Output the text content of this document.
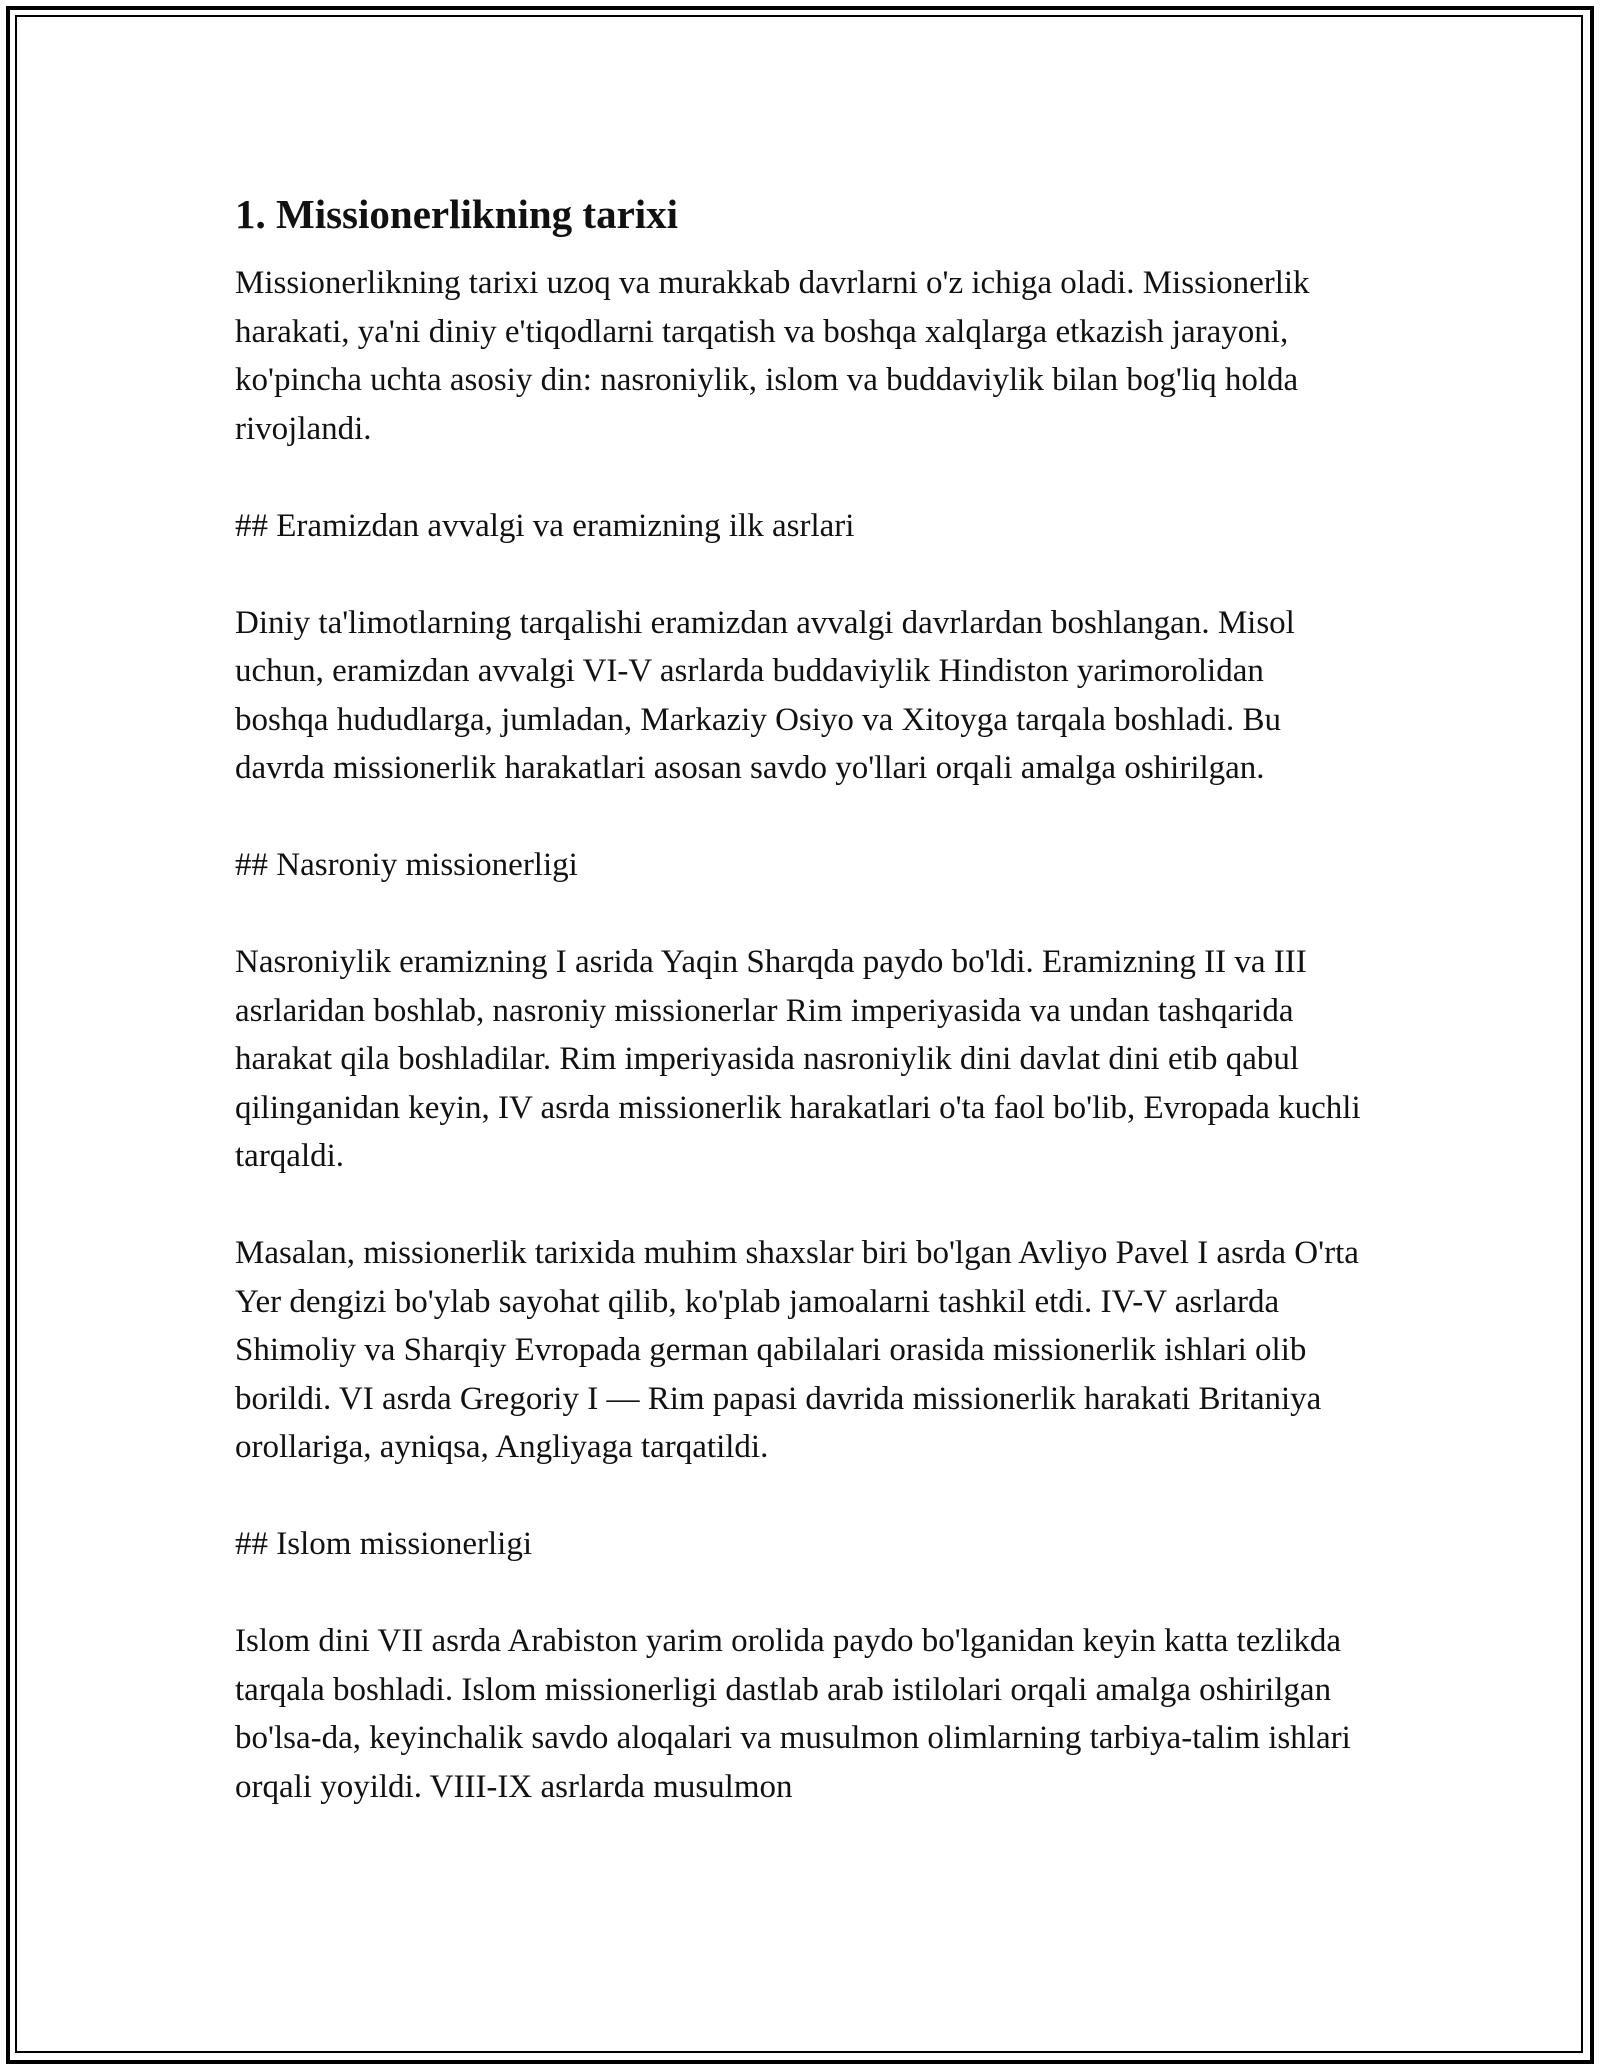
1. Missionerlikning tarixi

Missionerlikning tarixi uzoq va murakkab davrlarni o'z ichiga oladi. Missionerlik harakati, ya'ni diniy e'tiqodlarni tarqatish va boshqa xalqlarga etkazish jarayoni, ko'pincha uchta asosiy din: nasroniylik, islom va buddaviylik bilan bog'liq holda rivojlandi.

## Eramizdan avvalgi va eramizning ilk asrlari

Diniy ta'limotlarning tarqalishi eramizdan avvalgi davrlardan boshlangan. Misol uchun, eramizdan avvalgi VI-V asrlarda buddaviylik Hindiston yarimorolidan boshqa hududlarga, jumladan, Markaziy Osiyo va Xitoyga tarqala boshladi. Bu davrda missionerlik harakatlari asosan savdo yo'llari orqali amalga oshirilgan.

## Nasroniy missionerligi

Nasroniylik eramizning I asrida Yaqin Sharqda paydo bo'ldi. Eramizning II va III asrlaridan boshlab, nasroniy missionerlar Rim imperiyasida va undan tashqarida harakat qila boshladilar. Rim imperiyasida nasroniylik dini davlat dini etib qabul qilinganidan keyin, IV asrda missionerlik harakatlari o'ta faol bo'lib, Evropada kuchli tarqaldi.

Masalan, missionerlik tarixida muhim shaxslar biri bo'lgan Avliyo Pavel I asrda O'rta Yer dengizi bo'ylab sayohat qilib, ko'plab jamoalarni tashkil etdi. IV-V asrlarda Shimoliy va Sharqiy Evropada german qabilalari orasida missionerlik ishlari olib borildi. VI asrda Gregoriy I — Rim papasi davrida missionerlik harakati Britaniya orollariga, ayniqsa, Angliyaga tarqatildi.

## Islom missionerligi

Islom dini VII asrda Arabiston yarim orolida paydo bo'lganidan keyin katta tezlikda tarqala boshladi. Islom missionerligi dastlab arab istilolari orqali amalga oshirilgan bo'lsa-da, keyinchalik savdo aloqalari va musulmon olimlarning tarbiya-talim ishlari orqali yoyildi. VIII-IX asrlarda musulmon
